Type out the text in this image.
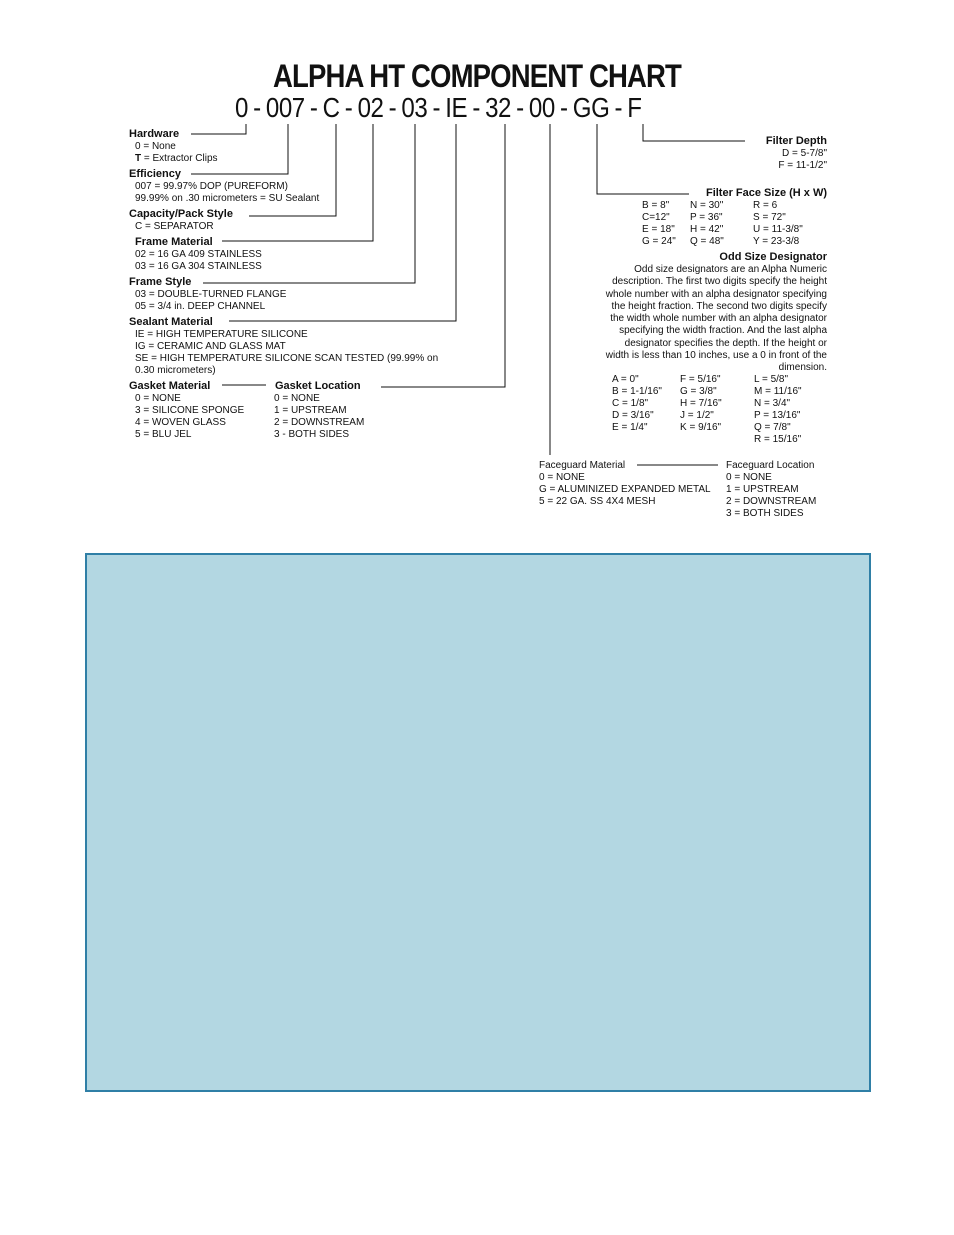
ALPHA HT COMPONENT CHART
0 - 007 - C - 02 - 03 - IE - 32 - 00 - GG - F
Hardware
0 = None
T = Extractor Clips
Efficiency
007 = 99.97% DOP (PUREFORM)
99.99% on .30 micrometers = SU Sealant
Capacity/Pack Style
C = SEPARATOR
Frame Material
02 = 16 GA 409 STAINLESS
03 = 16 GA 304 STAINLESS
Frame Style
03 = DOUBLE-TURNED FLANGE
05 = 3/4 in. DEEP CHANNEL
Sealant Material
IE = HIGH TEMPERATURE SILICONE
IG = CERAMIC AND GLASS MAT
SE = HIGH TEMPERATURE SILICONE SCAN TESTED (99.99% on
0.30 micrometers)
Gasket Material
0 = NONE
3 = SILICONE SPONGE
4 = WOVEN GLASS
5 = BLU JEL
Gasket Location
0 = NONE
1 = UPSTREAM
2 = DOWNSTREAM
3 - BOTH SIDES
Filter Depth
D = 5-7/8"
F = 11-1/2"
Filter Face Size (H x W)
B = 8"
C=12"
E = 18"
G = 24"
N = 30"
P = 36"
H = 42"
Q = 48"
R = 6
S = 72"
U = 11-3/8"
Y = 23-3/8
Odd Size Designator
Odd size designators are an Alpha Numeric
description. The first two digits specify the height
whole number with an alpha designator specifying
the height fraction. The second two digits specify
the width whole number with an alpha designator
specifying the width fraction. And the last alpha
designator specifies the depth. If the height or
width is less than 10 inches, use a 0 in front of the
dimension.
A = 0"
B = 1-1/16"
C = 1/8"
D = 3/16"
E = 1/4"
F = 5/16"
G = 3/8"
H = 7/16"
J = 1/2"
K = 9/16"
L = 5/8"
M = 11/16"
N = 3/4"
P = 13/16"
Q = 7/8"
R = 15/16"
Faceguard Material
0 = NONE
G = ALUMINIZED EXPANDED METAL
5 = 22 GA. SS 4X4 MESH
Faceguard Location
0 = NONE
1 = UPSTREAM
2 = DOWNSTREAM
3 = BOTH SIDES
